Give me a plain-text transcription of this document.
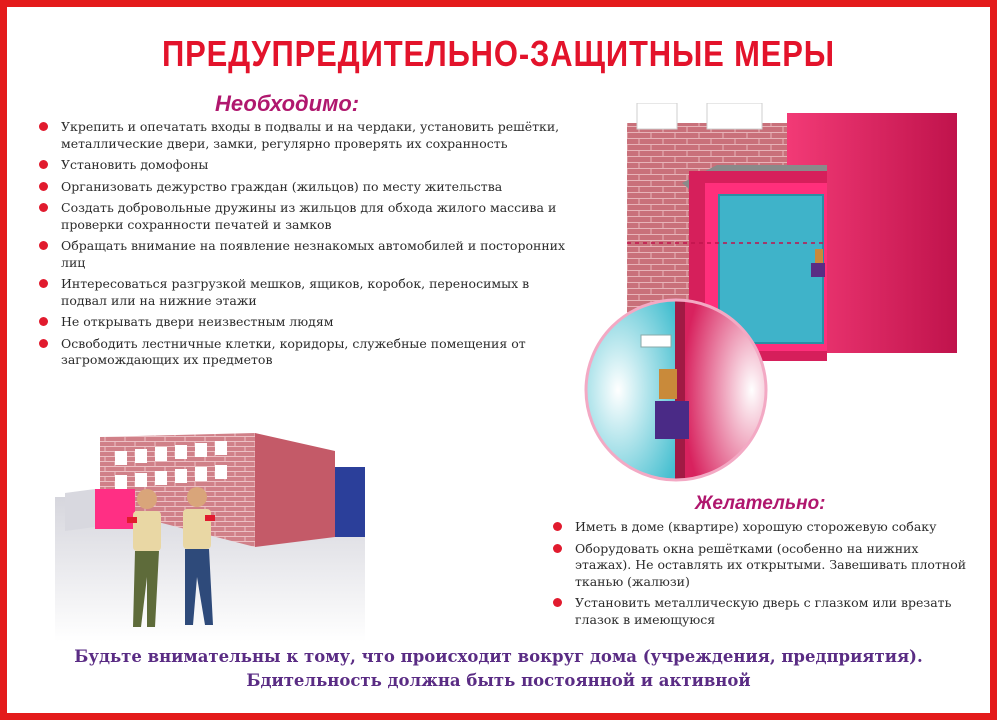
ПРЕДУПРЕДИТЕЛЬНО-ЗАЩИТНЫЕ МЕРЫ
Необходимо:
Укрепить и опечатать входы в подвалы и на чердаки, установить решётки, металлические двери, замки, регулярно проверять их сохранность
Установить домофоны
Организовать дежурство граждан (жильцов) по месту жительства
Создать добровольные дружины из жильцов для обхода жилого массива и проверки сохранности печатей и замков
Обращать внимание на появление незнакомых автомобилей и посторонних лиц
Интересоваться разгрузкой мешков, ящиков, коробок, переносимых в подвал или на нижние этажи
Не открывать двери неизвестным людям
Освободить лестничные клетки, коридоры, служебные помещения от загромождающих их предметов
Желательно:
Иметь в доме (квартире) хорошую сторожевую собаку
Оборудовать окна решётками (особенно на нижних этажах). Не оставлять их открытыми. Завешивать плотной тканью (жалюзи)
Установить металлическую дверь с глазком или врезать глазок в имеющуюся
Будьте внимательны к тому, что происходит вокруг дома (учреждения, предприятия).
Бдительность должна быть постоянной и активной
